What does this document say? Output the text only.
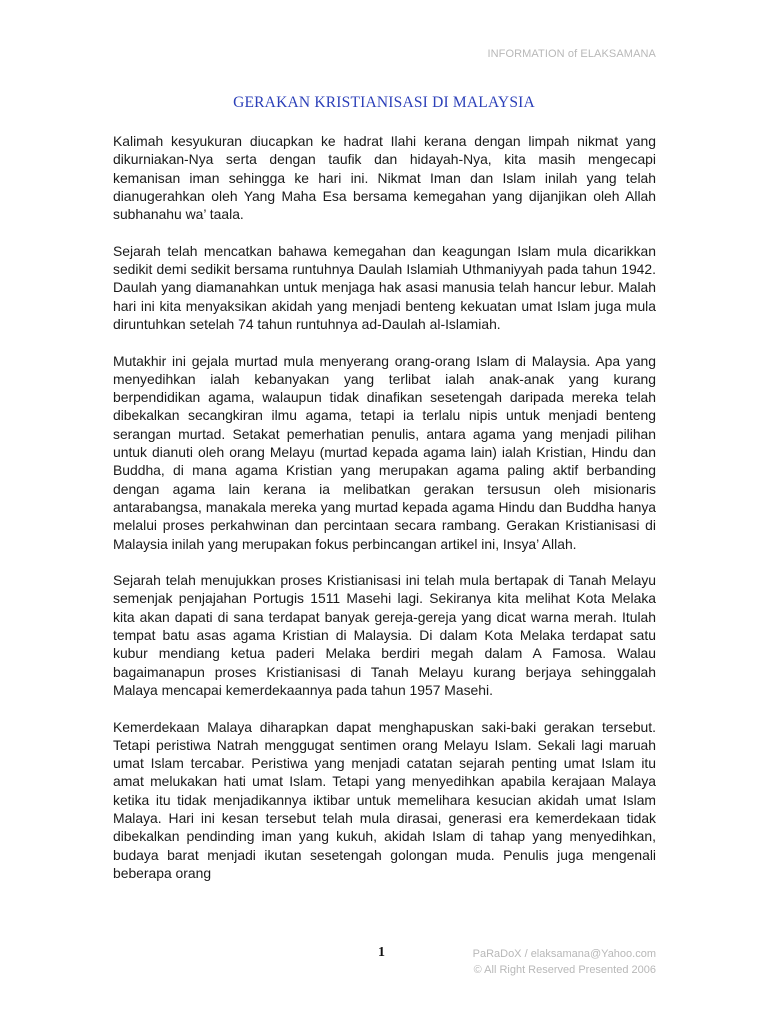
INFORMATION of ELAKSAMANA
GERAKAN KRISTIANISASI DI MALAYSIA

Kalimah kesyukuran diucapkan ke hadrat Ilahi kerana dengan limpah nikmat yang dikurniakan-Nya serta dengan taufik dan hidayah-Nya, kita masih mengecapi kemanisan iman sehingga ke hari ini. Nikmat Iman dan Islam inilah yang telah dianugerahkan oleh Yang Maha Esa bersama kemegahan yang dijanjikan oleh Allah subhanahu wa’ taala.

Sejarah telah mencatkan bahawa kemegahan dan keagungan Islam mula dicarikkan sedikit demi sedikit bersama runtuhnya Daulah Islamiah Uthmaniyyah pada tahun 1942. Daulah yang diamanahkan untuk menjaga hak asasi manusia telah hancur lebur. Malah hari ini kita menyaksikan akidah yang menjadi benteng kekuatan umat Islam juga mula diruntuhkan setelah 74 tahun runtuhnya ad-Daulah al-Islamiah.

Mutakhir ini gejala murtad mula menyerang orang-orang Islam di Malaysia. Apa yang menyedihkan ialah kebanyakan yang terlibat ialah anak-anak yang kurang berpendidikan agama, walaupun tidak dinafikan sesetengah daripada mereka telah dibekalkan secangkiran ilmu agama, tetapi ia terlalu nipis untuk menjadi benteng serangan murtad. Setakat pemerhatian penulis, antara agama yang menjadi pilihan untuk dianuti oleh orang Melayu (murtad kepada agama lain) ialah Kristian, Hindu dan Buddha, di mana agama Kristian yang merupakan agama paling aktif berbanding dengan agama lain kerana ia melibatkan gerakan tersusun oleh misionaris antarabangsa, manakala mereka yang murtad kepada agama Hindu dan Buddha hanya melalui proses perkahwinan dan percintaan secara rambang. Gerakan Kristianisasi di Malaysia inilah yang merupakan fokus perbincangan artikel ini, Insya’ Allah.

Sejarah telah menujukkan proses Kristianisasi ini telah mula bertapak di Tanah Melayu semenjak penjajahan Portugis 1511 Masehi lagi. Sekiranya kita melihat Kota Melaka kita akan dapati di sana terdapat banyak gereja-gereja yang dicat warna merah. Itulah tempat batu asas agama Kristian di Malaysia. Di dalam Kota Melaka terdapat satu kubur mendiang ketua paderi Melaka berdiri megah dalam A Famosa. Walau bagaimanapun proses Kristianisasi di Tanah Melayu kurang berjaya sehinggalah Malaya mencapai kemerdekaannya pada tahun 1957 Masehi.

Kemerdekaan Malaya diharapkan dapat menghapuskan saki-baki gerakan tersebut. Tetapi peristiwa Natrah menggugat sentimen orang Melayu Islam. Sekali lagi maruah umat Islam tercabar. Peristiwa yang menjadi catatan sejarah penting umat Islam itu amat melukakan hati umat Islam. Tetapi yang menyedihkan apabila kerajaan Malaya ketika itu tidak menjadikannya iktibar untuk memelihara kesucian akidah umat Islam Malaya. Hari ini kesan tersebut telah mula dirasai, generasi era kemerdekaan tidak dibekalkan pendinding iman yang kukuh, akidah Islam di tahap yang menyedihkan, budaya barat menjadi ikutan sesetengah golongan muda. Penulis juga mengenali beberapa orang

1	PaRaDoX / elaksamana@Yahoo.com
© All Right Reserved Presented 2006
